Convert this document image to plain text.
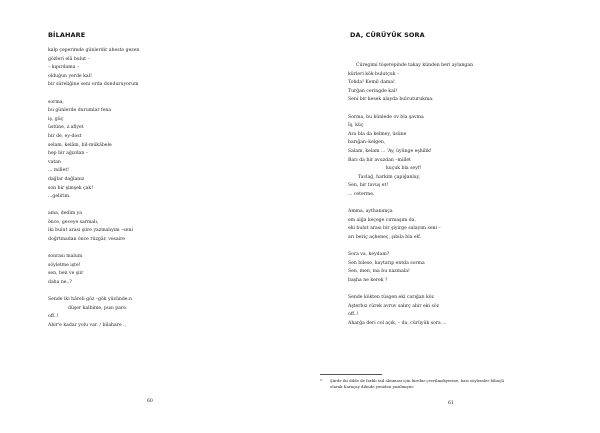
BİLAHARE
kalp çeperimde günlerdir ahesto gezen
gözleri elâ bulut –
– kıpırdama –
olduğun yerde kal!
bir süreliğine seni orda donduruyorum
sorma,
bu günlerde durumlar fena
iş, güç
üstüne, z.afiyet
bir de, ey-dost
selam, kelâm, bil-mükâbele
hep bir ağızdan –
vatan
... millet!
dağlar dağlanız
son bir şimşek çak!
...gelirim.
ama, dedim ya
önce, geceye sarmalı,
iki bulut arası şiire yazmalıyım –seni
doğrtmadan önce rüzgâr, vesaire
sonrası malum
söyletme işte!
sen, ben ve şiir
daha ne..?
Sende iki hâreli göz –gök yüzünde.n
düşer kalbime, pusı pare.
off..!
Ahir'e kadar yolu var. / bilahare .,
60
DA, CÜRÜYÜK SORA
Cüregimi töşerepinde takay künden beri aylangan
kürleri kök bulutçuk –
Tohda! Kemil dama!
Turğan ceringde kal!
Seni bir kesek alayda bulcuturukma.
Sorma, bu künlede ov bla şavma
İş, küç
Ara bla da kelmey, üsüne
barığan–kelgen,
Salam, kelam ... 'Ay, üyünge eşhilik!
Barı da bir avuzdan –millet
kuçuk bla seyf!
Tavlağ, harkim çapiğanlay,
Sen, bir tavuş et!
... ceterme.
Amma, aythanımça
em alğa keçege cırmaşım da,
eki bulut arası bir şiyirge salayım seni –
arı beriç açheneç, şıbıla bla elf.
Sora va, keydam?
Sen bilese, kaytarıp entda sorma
Sen, men, ma bu nazmala!
başha ne kerek ?
Sende kökten tüsgen eki carığan köz
Aşterbız cürek avruv salırç abir eki söz
off..!
Aharğa deri col açık, – da, cürüyük sora ...
* Şiirde iki dilde de farklı tad alınması için birebir çevrilmekyerine, bazı söylemler bilinçli
olarak Karaçay dilinde yeniden yazılmıştır.
61
